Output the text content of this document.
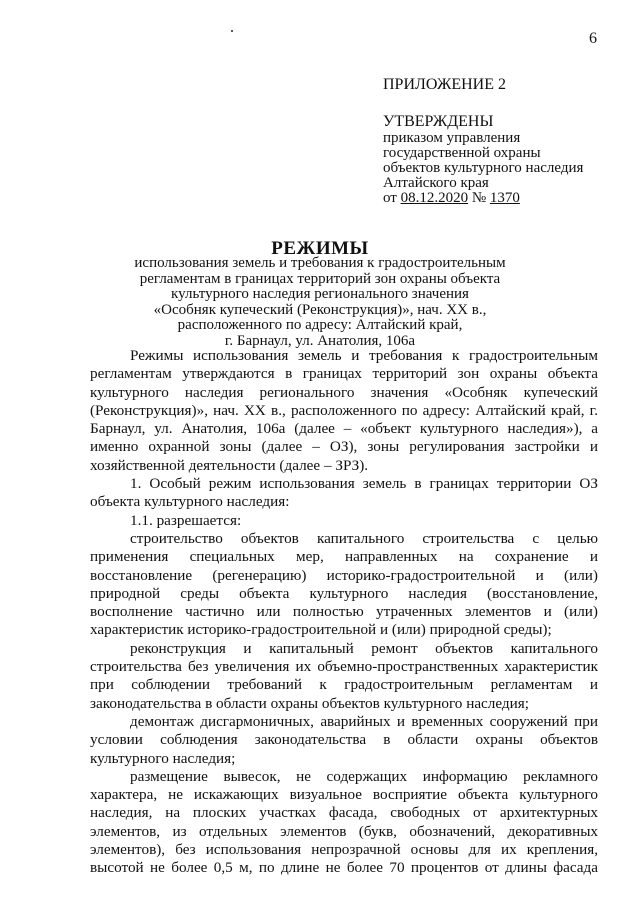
6
ПРИЛОЖЕНИЕ 2
УТВЕРЖДЕНЫ
приказом управления
государственной охраны
объектов культурного наследия
Алтайского края
от 08.12.2020 № 1370
РЕЖИМЫ
использования земель и требования к градостроительным
регламентам в границах территорий зон охраны объекта
культурного наследия регионального значения
«Особняк купеческий (Реконструкция)», нач. XX в.,
расположенного по адресу: Алтайский край,
г. Барнаул, ул. Анатолия, 106а

Режимы использования земель и требования к градостроительным регламентам утверждаются в границах территорий зон охраны объекта культурного наследия регионального значения «Особняк купеческий (Реконструкция)», нач. XX в., расположенного по адресу: Алтайский край, г. Барнаул, ул. Анатолия, 106а (далее – «объект культурного наследия»), а именно охранной зоны (далее – ОЗ), зоны регулирования застройки и хозяйственной деятельности (далее – ЗРЗ).

1. Особый режим использования земель в границах территории ОЗ объекта культурного наследия:

1.1. разрешается:

строительство объектов капитального строительства с целью применения специальных мер, направленных на сохранение и восстановление (регенерацию) историко-градостроительной и (или) природной среды объекта культурного наследия (восстановление, восполнение частично или полностью утраченных элементов и (или) характеристик историко-градостроительной и (или) природной среды);

реконструкция и капитальный ремонт объектов капитального строительства без увеличения их объемно-пространственных характеристик при соблюдении требований к градостроительным регламентам и законодательства в области охраны объектов культурного наследия;

демонтаж дисгармоничных, аварийных и временных сооружений при условии соблюдения законодательства в области охраны объектов культурного наследия;

размещение вывесок, не содержащих информацию рекламного характера, не искажающих визуальное восприятие объекта культурного наследия, на плоских участках фасада, свободных от архитектурных элементов, из отдельных элементов (букв, обозначений, декоративных элементов), без использования непрозрачной основы для их крепления, высотой не более 0,5 м, по длине не более 70 процентов от длины фасада
